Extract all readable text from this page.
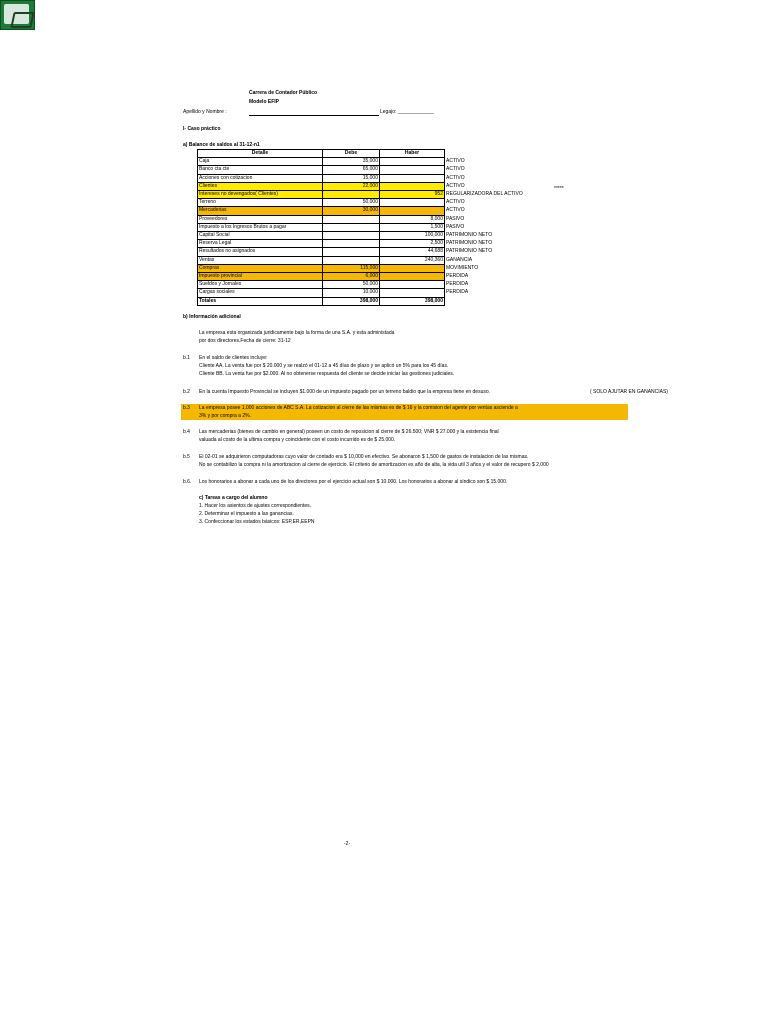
Carrera de Contador Público
Modelo EFIP
Apellido y Nombre :	Legajo: _____________
I- Caso práctico
a) Balance de saldos al 31-12-n1
Detalle	Debe	Haber	
Caja	35,000		ACTIVO
Banco cta cte	65,000		ACTIVO
Acciones con cotizacion	15,000		ACTIVO
Clientes	22,000		ACTIVO
Intereses no devengados( Clientes)		952	REGULARIZADORA DEL ACTIVO
Terreno	50,000		ACTIVO
Mercaderias	30,000		ACTIVO
Proveedores		8,000	PASIVO
Impuesto a los Ingresos Brutos a pagar		1,500	PASIVO
Capital Social		100,000	PATRIMONIO NETO
Reserva Legal		2,500	PATRIMONIO NETO
Resultados no asignados		44,688	PATRIMONIO NETO
Ventas		240,360	GANANCIA
Compras	115,000		MOVIMIENTO
Impuesto provincial	6,000		PERDIDA
Sueldos y Jornales	50,000		PERDIDA
Cargas sociales	10,000		PERDIDA
Totales	398,000	398,000	
*****
b) Información adicional
La empresa esta organizada juridicamente bajo la forma de una S.A. y esta administada
por dos directores.Fecha de cierre: 31-12
b.1 En el saldo de clientes incluye:
Cliente AA. La venta fue por $ 20.000 y se realzó el 01-12 a 45 días de plazo y se aplicó un 5% para los 45 días.
Cliente BB. La venta fue por $2.000. Al no obtenerse respuesta del cliente se decide iniciar las gestiones judiciales.
b.2 En la cuenta Impuesto Provincial se incluyen $1.000 de un impuesto pagado por un terreno baldio que la empresa tiene en desuso.	( SOLO AJUTAR EN GANANCIAS)
b.3 La empresa posee 1.000 acciones de ABC S.A. La cotizacion al cierre de las mismas es de $ 16 y la comision del agente por ventas asciende a
3% y por compra a 2%.
b.4 Las mercaderias (bienes de cambio en general) poseen un costo de reposicion al cierre de $ 26.500; VNR $ 27.000 y la existencia final
valuada al costo de la ultima compra y coincidente con el costo incurrido es de $ 25.000.
b.5 El 02-01 se adquirieron computadoras cuyo valor de contado era $ 10,000 en efectivo. Se abonaron $ 1,500 de gastos de instalacion de las mismas.
No se contabilizo la compra ni la amortizacion al cierre de ejercicio. El criterio de amortizacion es año de alta, la vida util 3 años y el valor de recupero $ 2,000
b.6. Los honorarios a abonar a cada uno de los directores por el ejercicio actual son $ 10.000. Los honorarios a abonar al síndico son $ 15.000.
c) Tareas a cargo del alumno
1. Hacer los asientos de ajustes correspondientes.
2. Determinar el impuesto a las ganancias.
3. Confeccionar los estados básicos: ESP,ER,EEPN
-2-
